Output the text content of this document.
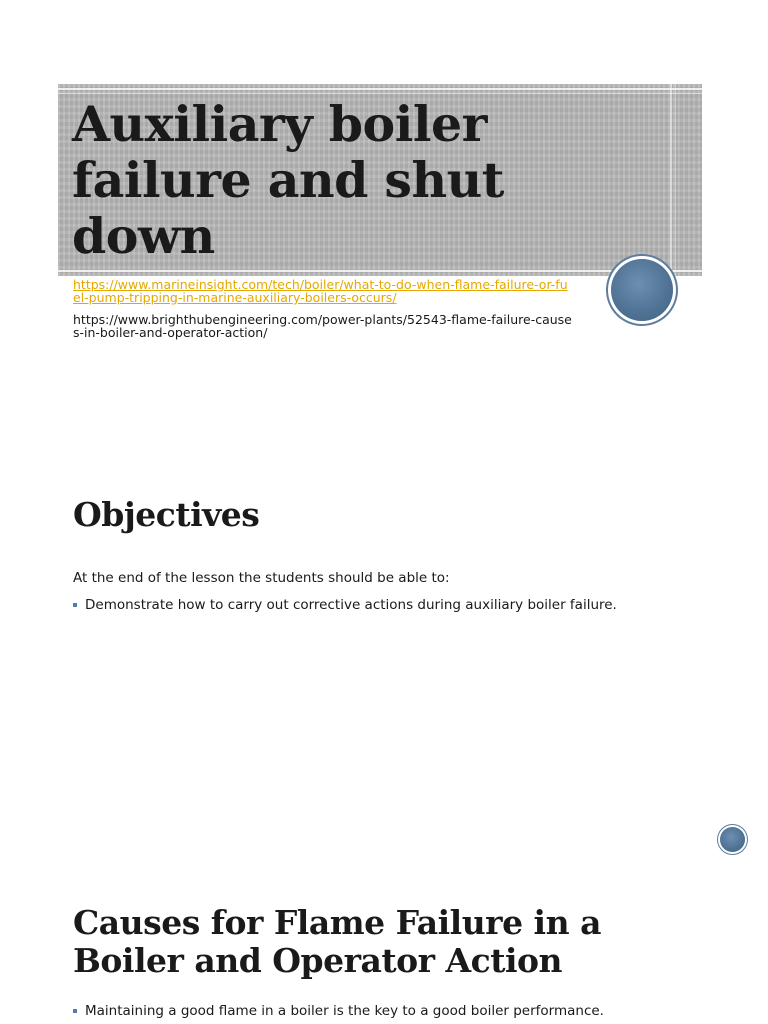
Auxiliary boiler failure and shut down
https://www.marineinsight.com/tech/boiler/what-to-do-when-flame-failure-or-fuel-pump-tripping-in-marine-auxiliary-boilers-occurs/
https://www.brighthubengineering.com/power-plants/52543-flame-failure-causes-in-boiler-and-operator-action/
Objectives
At the end of the lesson the students should be able to:
Demonstrate how to carry out corrective actions during auxiliary boiler failure.
Causes for Flame Failure in a Boiler and Operator Action
Maintaining a good flame in a boiler is the key to a good boiler performance.
